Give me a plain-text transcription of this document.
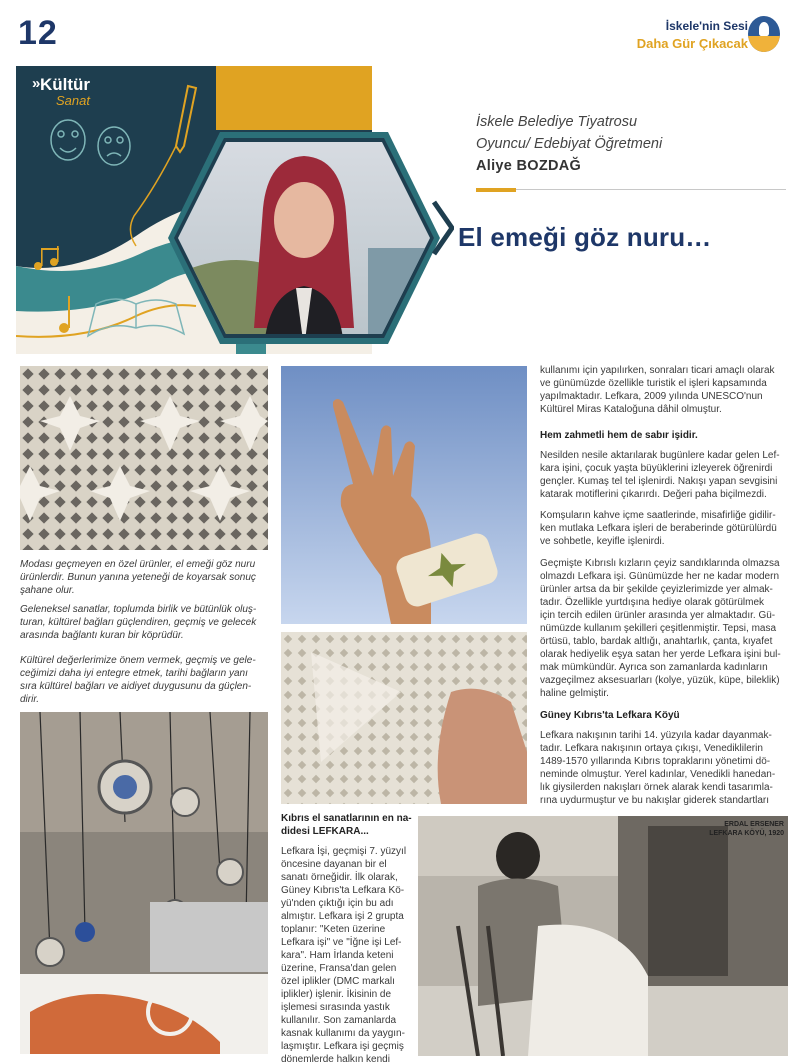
12	İskele'nin Sesi
Daha Gür Çıkacak
» Kültür
Sanat
İskele Belediye Tiyatrosu
Oyuncu/ Edebiyat Öğretmeni
Aliye BOZDAĞ
El emeği göz nuru…
ERDAL ERSENER
LEFKARA KÖYÜ, 1920
Modası geçmeyen en özel ürünler, el emeği göz nuru
ürünlerdir. Bunun yanına yeteneği de koyarsak sonuç
şahane olur.
Geleneksel sanatlar, toplumda birlik ve bütünlük oluş-
turan, kültürel bağları güçlendiren, geçmiş ve gelecek
arasında bağlantı kuran bir köprüdür.
Kültürel değerlerimize önem vermek, geçmiş ve gele-
ceğimizi daha iyi entegre etmek, tarihi bağların yanı
sıra kültürel bağları ve aidiyet duygusunu da güçlen-
dirir.
Kıbrıs el sanatlarının en na-
didesi LEFKARA...
Lefkara İşi, geçmişi 7. yüzyıl
öncesine dayanan bir el
sanatı örneğidir. İlk olarak,
Güney Kıbrıs'ta Lefkara Kö-
yü'nden çıktığı için bu adı
almıştır. Lefkara işi 2 grupta
toplanır: "Keten üzerine
Lefkara işi" ve "İğne işi Lef-
kara". Ham İrlanda keteni
üzerine, Fransa'dan gelen
özel iplikler (DMC markalı
iplikler) işlenir. İkisinin de
işlemesi sırasında yastık
kullanılır. Son zamanlarda
kasnak kullanımı da yaygın-
laşmıştır. Lefkara işi geçmiş
dönemlerde halkın kendi
kullanımı için yapılırken, sonraları ticari amaçlı olarak
ve günümüzde özellikle turistik el işleri kapsamında
yapılmaktadır. Lefkara, 2009 yılında UNESCO'nun
Kültürel Miras Kataloğuna dâhil olmuştur.
Hem zahmetli hem de sabır işidir.
Nesilden nesile aktarılarak bugünlere kadar gelen Lef-
kara işini, çocuk yaşta büyüklerini izleyerek öğrenirdi
gençler. Kumaş tel tel işlenirdi. Nakışı yapan sevgisini
katarak motiflerini çıkarırdı. Değeri paha biçilmezdi.
Komşuların kahve içme saatlerinde, misafirliğe gidilir-
ken mutlaka Lefkara işleri de beraberinde götürülürdü
ve sohbetle, keyifle işlenirdi.
Geçmişte Kıbrıslı kızların çeyiz sandıklarında olmazsa
olmazdı Lefkara işi. Günümüzde her ne kadar modern
ürünler artsa da bir şekilde çeyizlerimizde yer almak-
tadır. Özellikle yurtdışına hediye olarak götürülmek
için tercih edilen ürünler arasında yer almaktadır. Gü-
nümüzde kullanım şekilleri çeşitlenmiştir. Tepsi, masa
örtüsü, tablo, bardak altlığı, anahtarlık, çanta, kıyafet
olarak hediyelik eşya satan her yerde Lefkara işini bul-
mak mümkündür. Ayrıca son zamanlarda kadınların
vazgeçilmez aksesuarları (kolye, yüzük, küpe, bileklik)
haline gelmiştir.
Güney Kıbrıs'ta Lefkara Köyü
Lefkara nakışının tarihi 14. yüzyıla kadar dayanmak-
tadır. Lefkara nakışının ortaya çıkışı, Venediklilerin
1489-1570 yıllarında Kıbrıs topraklarını yönetimi dö-
neminde olmuştur. Yerel kadınlar, Venedikli hanedan-
lık giysilerden nakışları örnek alarak kendi tasarımla-
rına uydurmuştur ve bu nakışlar giderek standartları
